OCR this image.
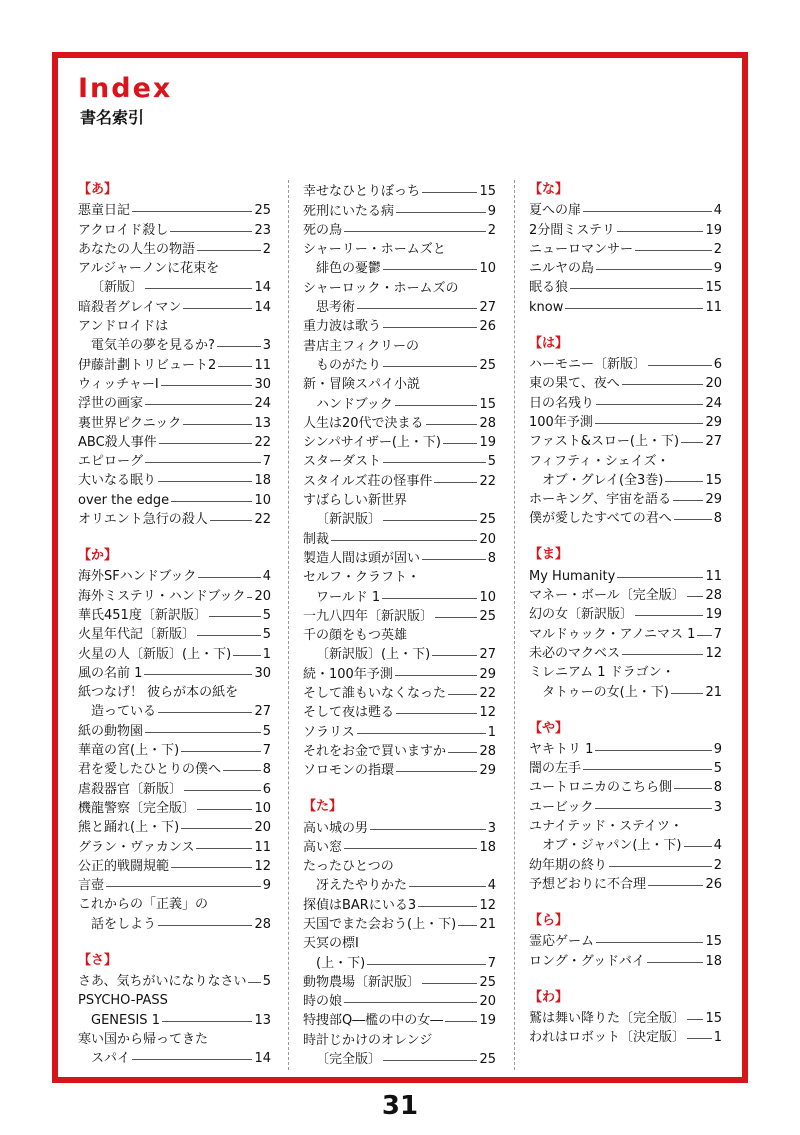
Index
書名索引
【あ】
悪童日記	25
アクロイド殺し	23
あなたの人生の物語	2
アルジャーノンに花束を
〔新版〕	14
暗殺者グレイマン	14
アンドロイドは
電気羊の夢を見るか?	3
伊藤計劃トリビュート2	11
ウィッチャーⅠ	30
浮世の画家	24
裏世界ピクニック	13
ABC殺人事件	22
エピローグ	7
大いなる眠り	18
over the edge	10
オリエント急行の殺人	22
【か】
海外SFハンドブック	4
海外ミステリ・ハンドブック 20
華氏451度〔新訳版〕	5
火星年代記〔新版〕	5
火星の人〔新版〕(上・下) 1
風の名前 1	30
紙つなげ！ 彼らが本の紙を
造っている	27
紙の動物園	5
華竜の宮(上・下)	7
君を愛したひとりの僕へ	8
虐殺器官〔新版〕	6
機龍警察〔完全版〕	10
熊と踊れ(上・下)	20
グラン・ヴァカンス	11
公正的戦闘規範	12
言壺	9
これからの「正義」の
話をしよう	28
【さ】
さあ、気ちがいになりなさい 5
PSYCHO-PASS
GENESIS 1	13
寒い国から帰ってきた
スパイ	14
幸せなひとりぼっち	15
死刑にいたる病	9
死の鳥	2
シャーリー・ホームズと
緋色の憂鬱	10
シャーロック・ホームズの
思考術	27
重力波は歌う	26
書店主フィクリーの
ものがたり	25
新・冒険スパイ小説
ハンドブック	15
人生は20代で決まる	28
シンパサイザー(上・下)	19
スターダスト	5
スタイルズ荘の怪事件	22
すばらしい新世界
〔新訳版〕	25
制裁	20
製造人間は頭が固い	8
セルフ・クラフト・
ワールド 1	10
一九八四年〔新訳版〕	25
千の顔をもつ英雄
〔新訳版〕(上・下)	27
続・100年予測	29
そして誰もいなくなった	22
そして夜は甦る	12
ソラリス	1
それをお金で買いますか	28
ソロモンの指環	29
【た】
高い城の男	3
高い窓	18
たったひとつの
冴えたやりかた	4
探偵はBARにいる3	12
天国でまた会おう(上・下) 21
天冥の標Ⅰ
(上・下)	7
動物農場〔新訳版〕	25
時の娘	20
特捜部Q―檻の中の女―	19
時計じかけのオレンジ
〔完全版〕	25
【な】
夏への扉	4
2分間ミステリ	19
ニューロマンサー	2
ニルヤの島	9
眠る狼	15
know	11
【は】
ハーモニー〔新版〕	6
東の果て、夜へ	20
日の名残り	24
100年予測	29
ファスト&スロー(上・下) 27
フィフティ・シェイズ・
オブ・グレイ(全3巻)	15
ホーキング、宇宙を語る	29
僕が愛したすべての君へ	8
【ま】
My Humanity	11
マネー・ボール〔完全版〕 28
幻の女〔新訳版〕	19
マルドゥック・アノニマス 1 7
未必のマクベス	12
ミレニアム 1 ドラゴン・
タトゥーの女(上・下)	21
【や】
ヤキトリ 1	9
闇の左手	5
ユートロニカのこちら側	8
ユービック	3
ユナイテッド・ステイツ・
オブ・ジャパン(上・下) 4
幼年期の終り	2
予想どおりに不合理	26
【ら】
霊応ゲーム	15
ロング・グッドバイ	18
【わ】
鷲は舞い降りた〔完全版〕 15
われはロボット〔決定版〕 1
31
